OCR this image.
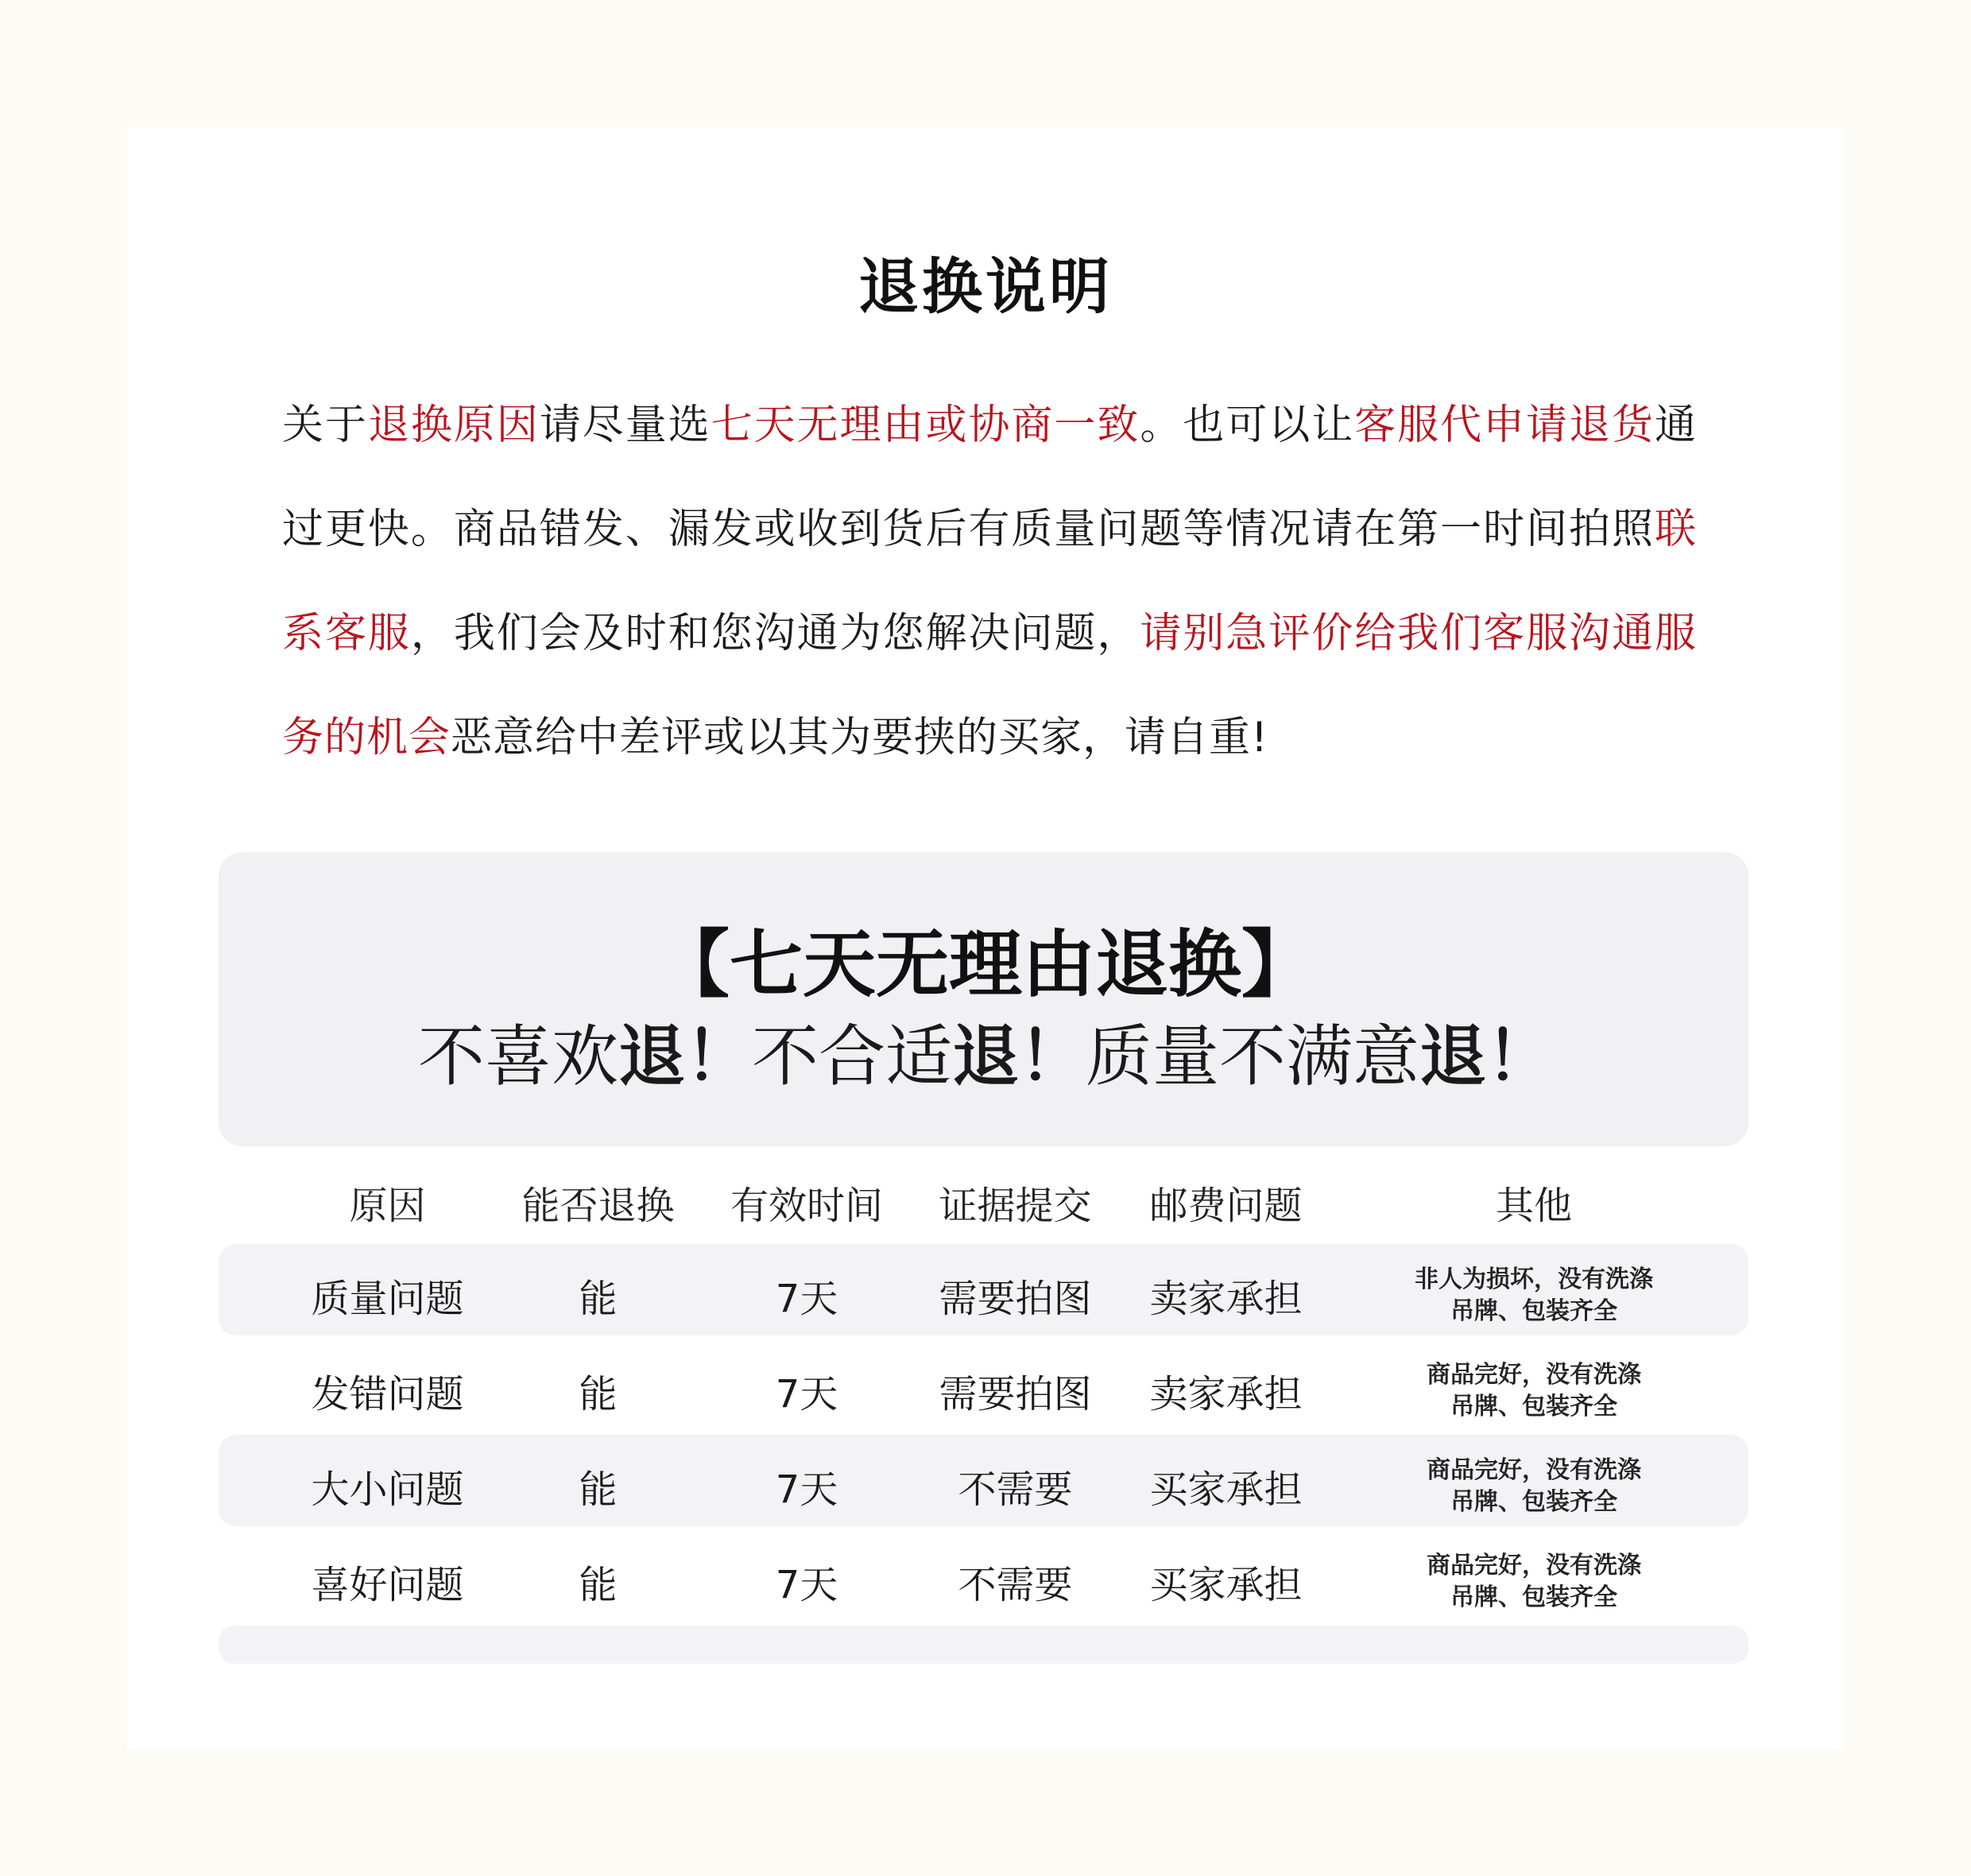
退换说明
关于退换原因请尽量选七天无理由或协商一致。也可以让客服代申请退货通过更快。商品错发、漏发或收到货后有质量问题等情况请在第一时间拍照联系客服，我们会及时和您沟通为您解决问题，请别急评价给我们客服沟通服务的机会恶意给中差评或以其为要挟的买家，请自重!
【七天无理由退换】
不喜欢退！不合适退！质量不满意退！
原因	能否退换	有效时间	证据提交	邮费问题	其他
质量问题	能	7天	需要拍图	卖家承担	非人为损坏，没有洗涤
吊牌、包装齐全
发错问题	能	7天	需要拍图	卖家承担	商品完好，没有洗涤
吊牌、包装齐全
大小问题	能	7天	不需要	买家承担	商品完好，没有洗涤
吊牌、包装齐全
喜好问题	能	7天	不需要	买家承担	商品完好，没有洗涤
吊牌、包装齐全
